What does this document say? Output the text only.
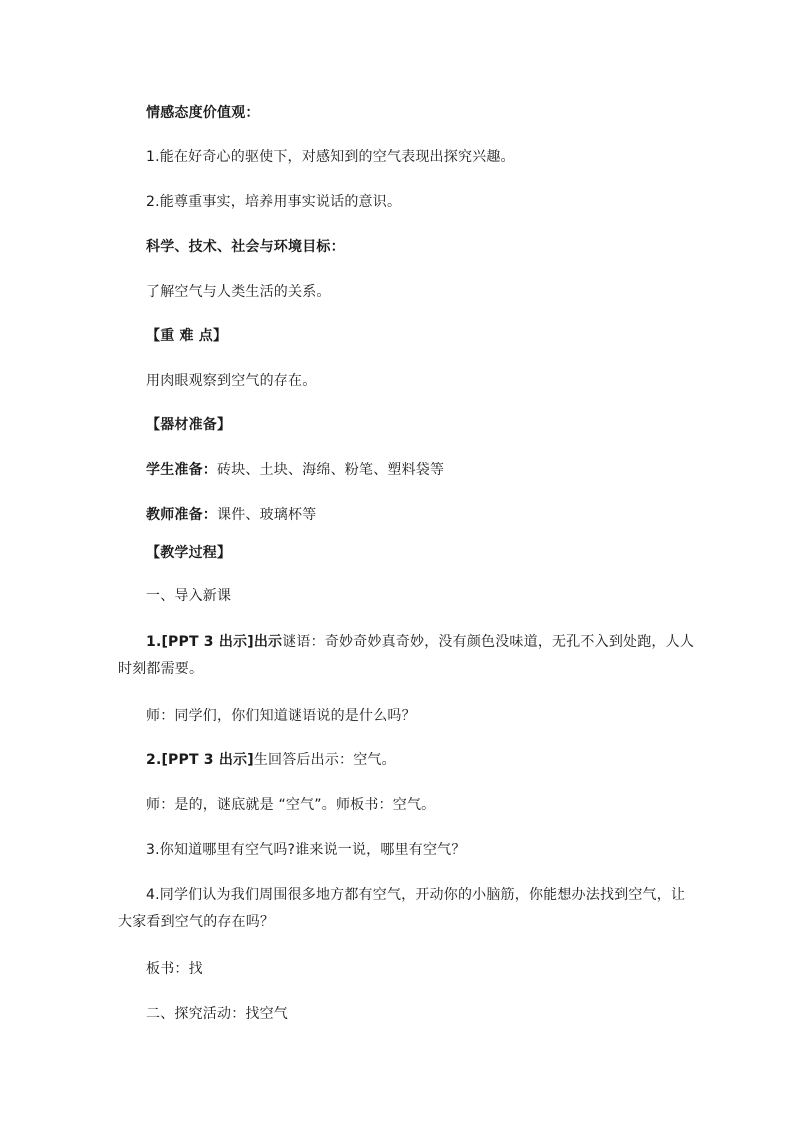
情感态度价值观：
1.能在好奇心的驱使下，对感知到的空气表现出探究兴趣。
2.能尊重事实，培养用事实说话的意识。
科学、技术、社会与环境目标：
了解空气与人类生活的关系。
【重 难 点】
用肉眼观察到空气的存在。
【器材准备】
学生准备：砖块、土块、海绵、粉笔、塑料袋等
教师准备：课件、玻璃杯等
【教学过程】
一、导入新课
1.[PPT 3 出示]出示谜语：奇妙奇妙真奇妙，没有颜色没味道，无孔不入到处跑，人人
时刻都需要。
师：同学们，你们知道谜语说的是什么吗？
2.[PPT 3 出示]生回答后出示：空气。
师：是的，谜底就是 “空气”。师板书：空气。
3.你知道哪里有空气吗?谁来说一说，哪里有空气？
4.同学们认为我们周围很多地方都有空气，开动你的小脑筋，你能想办法找到空气，让
大家看到空气的存在吗？
板书：找
二、探究活动：找空气
